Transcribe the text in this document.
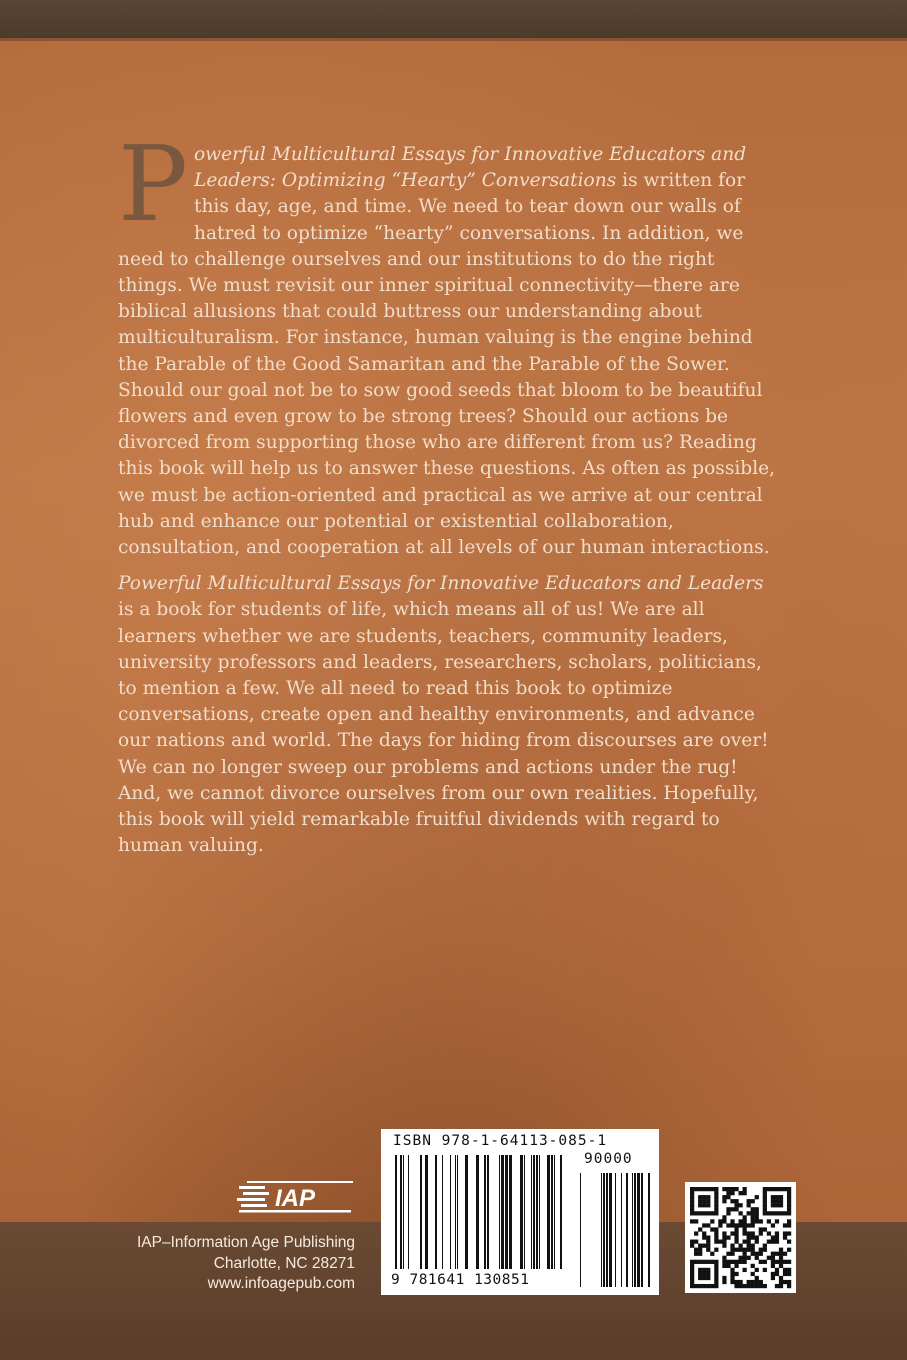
Powerful Multicultural Essays for Innovative Educators and Leaders: Optimizing “Hearty” Conversations is written for this day, age, and time. We need to tear down our walls of hatred to optimize “hearty” conversations. In addition, we need to challenge ourselves and our institutions to do the right things. We must revisit our inner spiritual connectivity—there are biblical allusions that could buttress our understanding about multiculturalism. For instance, human valuing is the engine behind the Parable of the Good Samaritan and the Parable of the Sower. Should our goal not be to sow good seeds that bloom to be beautiful flowers and even grow to be strong trees? Should our actions be divorced from supporting those who are different from us? Reading this book will help us to answer these questions. As often as possible, we must be action-oriented and practical as we arrive at our central hub and enhance our potential or existential collaboration, consultation, and cooperation at all levels of our human interactions.

Powerful Multicultural Essays for Innovative Educators and Leaders is a book for students of life, which means all of us! We are all learners whether we are students, teachers, community leaders, university professors and leaders, researchers, scholars, politicians, to mention a few. We all need to read this book to optimize conversations, create open and healthy environments, and advance our nations and world. The days for hiding from discourses are over! We can no longer sweep our problems and actions under the rug! And, we cannot divorce ourselves from our own realities. Hopefully, this book will yield remarkable fruitful dividends with regard to human valuing.

IAP
IAP–Information Age Publishing
Charlotte, NC 28271
www.infoagepub.com
ISBN 978-1-64113-085-1
90000
9 781641 130851
